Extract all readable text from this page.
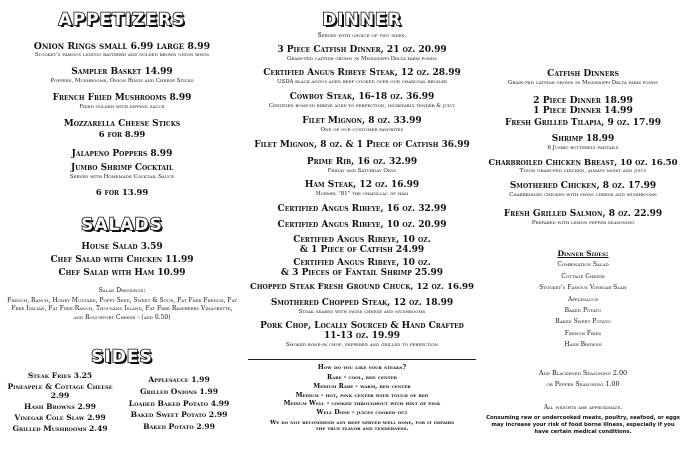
APPETIZERS
Onion Rings small 6.99 large 8.99
Stookey's famous lightly battered and golden brown onion rings
Sampler Basket 14.99
Poppers, Mushrooms, Onion Rings and Cheese Sticks
French Fried Mushrooms 8.99
Fried golden with dipping sauce
Mozzarella Cheese Sticks
6 for 8.99
Jalapeno Poppers 8.99
Jumbo Shrimp Cocktail
Served with Homemade Cocktail Sauce
6 for 13.99
SALADS
House Salad 3.59
Chef Salad with Chicken 11.99
Chef Salad with Ham 10.99
Salad Dressings:
French, Ranch, Honey Mustard, Poppy Seed, Sweet & Sour, Fat Free French, Fat Free Italian, Fat Free Ranch, Thousand Island, Fat Free Raspberry Vinagrette, and Roquefort Cheese - (add 0.50)
SIDES
Steak Fries 3.25
Pineapple & Cottage Cheese 2.99
Hash Browns 2.99
Vinegar Cole Slaw 2.99
Grilled Mushrooms 2.49
Applesauce 1.99
Grilled Onions 1.99
Loaded Baked Potato 4.99
Baked Sweet Potato 2.99
Baked Potato 2.99
DINNER
Served with choice of two sides.
3 Piece Catfish Dinner, 21 oz. 20.99
Grain-fed catfish grown in Mississippi Delta farm ponds
Certified Angus Ribeye Steak, 12 oz. 28.99
USDA black angus aged beef cooked over our charcoal broiler
Cowboy Steak, 16-18 oz. 36.99
Certified bone-in ribeye aged to perfection, incredibly tender & juicy
Filet Mignon, 8 oz. 33.99
One of our customer favorites
Filet Mignon, 8 oz. & 1 Piece of Catfish 36.99
Prime Rib, 16 oz. 32.99
Friday and Saturday Only
Ham Steak, 12 oz. 16.99
Hormel "81" the chadillac of ham
Certified Angus Ribeye, 16 oz. 32.99
Certified Angus Ribeye, 10 oz. 20.99
Certified Angus Ribeye, 10 oz.
& 1 Piece of Catfish 24.99
Certified Angus Ribeye, 10 oz.
& 3 Pieces of Fantail Shrimp 25.99
Chopped Steak Fresh Ground Chuck, 12 oz. 16.99
Smothered Chopped Steak, 12 oz. 18.99
Steak seared with swiss cheese and mushrooms
Pork Chop, Locally Sourced & Hand Crafted
11-13 oz. 19.99
Smoked bone-in chop, peppered and grilled to perfection
How do you like your steaks?
Rare - cool, red center
Medium Rare - warm, red center
Medium - hot, pink center with touch of red
Medium Well - cooked throughout with hint of pink
Well Done - juices cooked out
We do not recommend any beef served well done, for it impairs the true flavor and tenderness.
Catfish Dinners
Grain-fed catfish grown in Mississippi Delta farm ponds
2 Piece Dinner 18.99
1 Piece Dinner 14.99
Fresh Grilled Tilapia, 9 oz. 17.99
Shrimp 18.99
6 Jumbo butterfly fantails
Charbroiled Chicken Breast, 10 oz. 16.50
Tyson grain-fed chicken, always moist and juicy
Smothered Chicken, 8 oz. 17.99
Charbroiled chicken with swiss cheese and mushrooms
Fresh Grilled Salmon, 8 oz. 22.99
Prepared with lemon pepper seasoning
Dinner Sides:
Combination Salad
Cottage Cheese
Stookey's Famous Vinegar Slaw
Applesauce
Baked Potato
Baked Sweet Potato
French Fries
Hash Browns
Add Blackened Seasoning 2.00
or Pepper Seasoning 1.00
All weights are approximate.
Consuming raw or undercooked meats, poultry, seafood, or eggs may increase your risk of food borne illness, especially if you have certain medical conditions.
